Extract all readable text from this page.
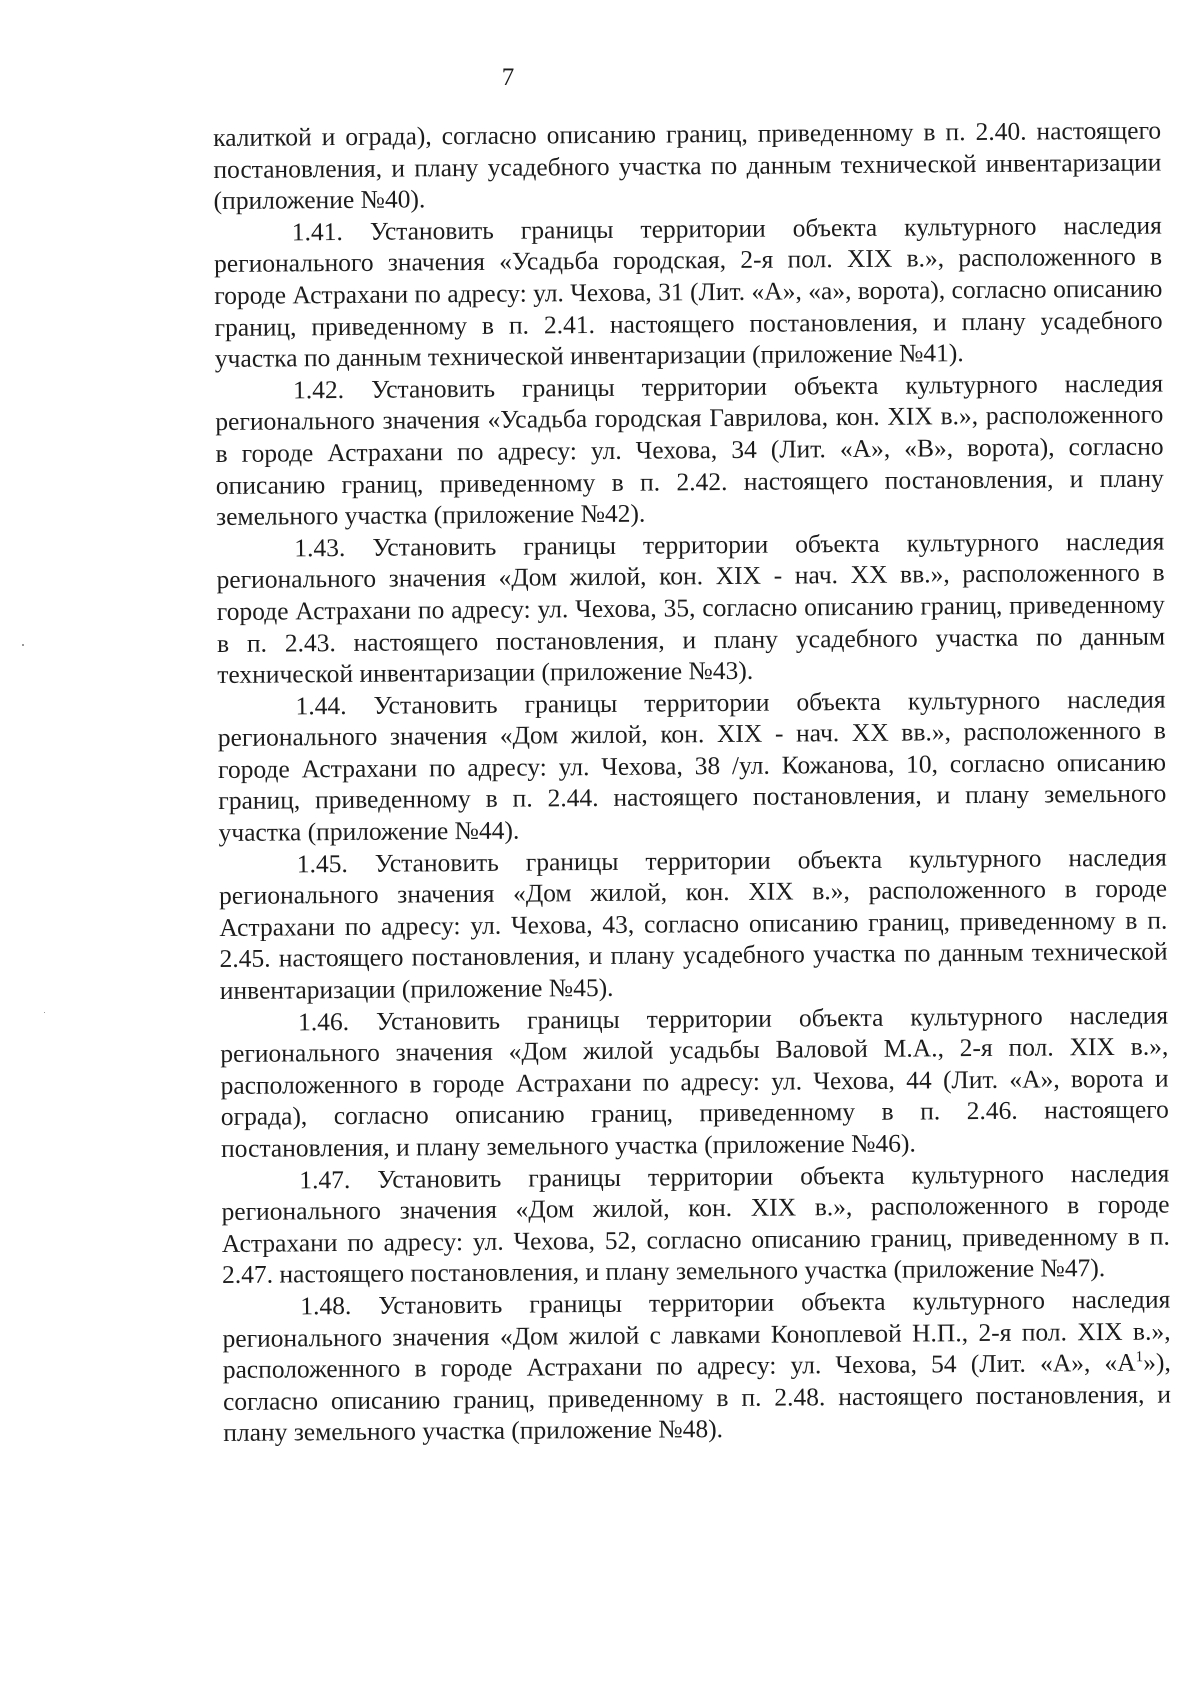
7

калиткой и ограда), согласно описанию границ, приведенному в п. 2.40. настоящего постановления, и плану усадебного участка по данным технической инвентаризации (приложение №40).

1.41. Установить границы территории объекта культурного наследия регионального значения «Усадьба городская, 2-я пол. XIX в.», расположенного в городе Астрахани по адресу: ул. Чехова, 31 (Лит. «А», «а», ворота), согласно описанию границ, приведенному в п. 2.41. настоящего постановления, и плану усадебного участка по данным технической инвентаризации (приложение №41).

1.42. Установить границы территории объекта культурного наследия регионального значения «Усадьба городская Гаврилова, кон. XIX в.», расположенного в городе Астрахани по адресу: ул. Чехова, 34 (Лит. «А», «В», ворота), согласно описанию границ, приведенному в п. 2.42. настоящего постановления, и плану земельного участка (приложение №42).

1.43. Установить границы территории объекта культурного наследия регионального значения «Дом жилой, кон. XIX - нач. XX вв.», расположенного в городе Астрахани по адресу: ул. Чехова, 35, согласно описанию границ, приведенному в п. 2.43. настоящего постановления, и плану усадебного участка по данным технической инвентаризации (приложение №43).

1.44. Установить границы территории объекта культурного наследия регионального значения «Дом жилой, кон. XIX - нач. XX вв.», расположенного в городе Астрахани по адресу: ул. Чехова, 38 /ул. Кожанова, 10, согласно описанию границ, приведенному в п. 2.44. настоящего постановления, и плану земельного участка (приложение №44).

1.45. Установить границы территории объекта культурного наследия регионального значения «Дом жилой, кон. XIX в.», расположенного в городе Астрахани по адресу: ул. Чехова, 43, согласно описанию границ, приведенному в п. 2.45. настоящего постановления, и плану усадебного участка по данным технической инвентаризации (приложение №45).

1.46. Установить границы территории объекта культурного наследия регионального значения «Дом жилой усадьбы Валовой М.А., 2-я пол. XIX в.», расположенного в городе Астрахани по адресу: ул. Чехова, 44 (Лит. «А», ворота и ограда), согласно описанию границ, приведенному в п. 2.46. настоящего постановления, и плану земельного участка (приложение №46).

1.47. Установить границы территории объекта культурного наследия регионального значения «Дом жилой, кон. XIX в.», расположенного в городе Астрахани по адресу: ул. Чехова, 52, согласно описанию границ, приведенному в п. 2.47. настоящего постановления, и плану земельного участка (приложение №47).

1.48. Установить границы территории объекта культурного наследия регионального значения «Дом жилой с лавками Коноплевой Н.П., 2-я пол. XIX в.», расположенного в городе Астрахани по адресу: ул. Чехова, 54 (Лит. «А», «$А^1$»), согласно описанию границ, приведенному в п. 2.48. настоящего постановления, и плану земельного участка (приложение №48).
